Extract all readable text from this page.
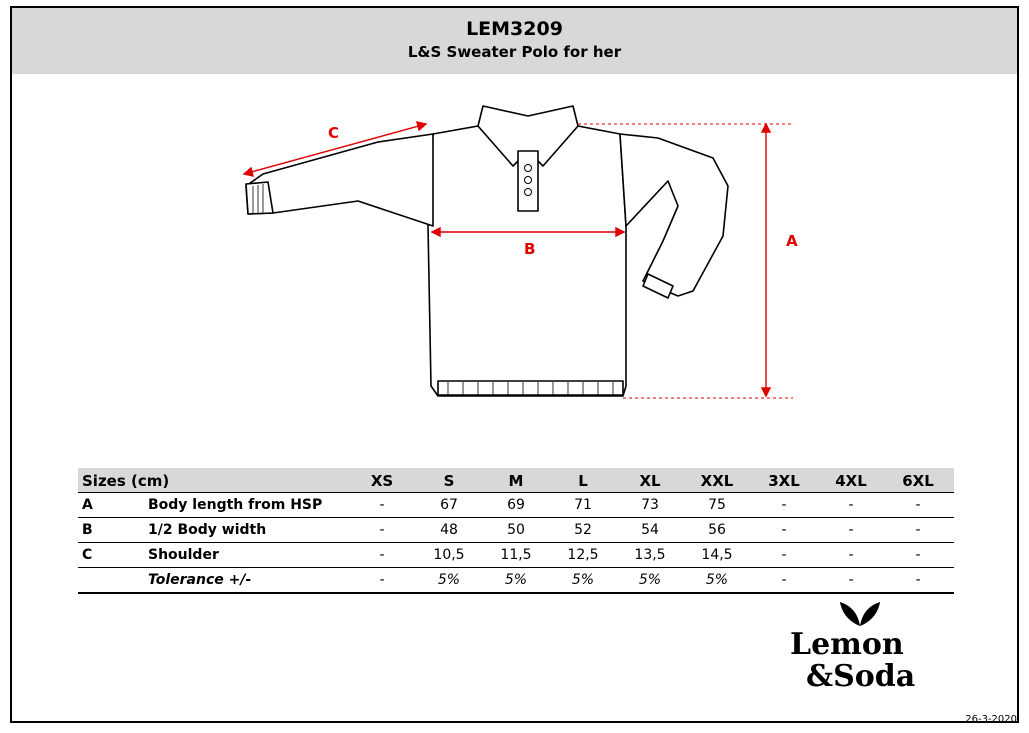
LEM3209
L&S Sweater Polo for her
A
B
C
Sizes (cm)	XS	S	M	L	XL	XXL	3XL	4XL	6XL
A	Body length from HSP	-	67	69	71	73	75	-	-	-
B	1/2 Body width	-	48	50	52	54	56	-	-	-
C	Shoulder	-	10,5	11,5	12,5	13,5	14,5	-	-	-
Tolerance +/-	-	5%	5%	5%	5%	5%	-	-	-
Lemon
&Soda
26-3-2020
